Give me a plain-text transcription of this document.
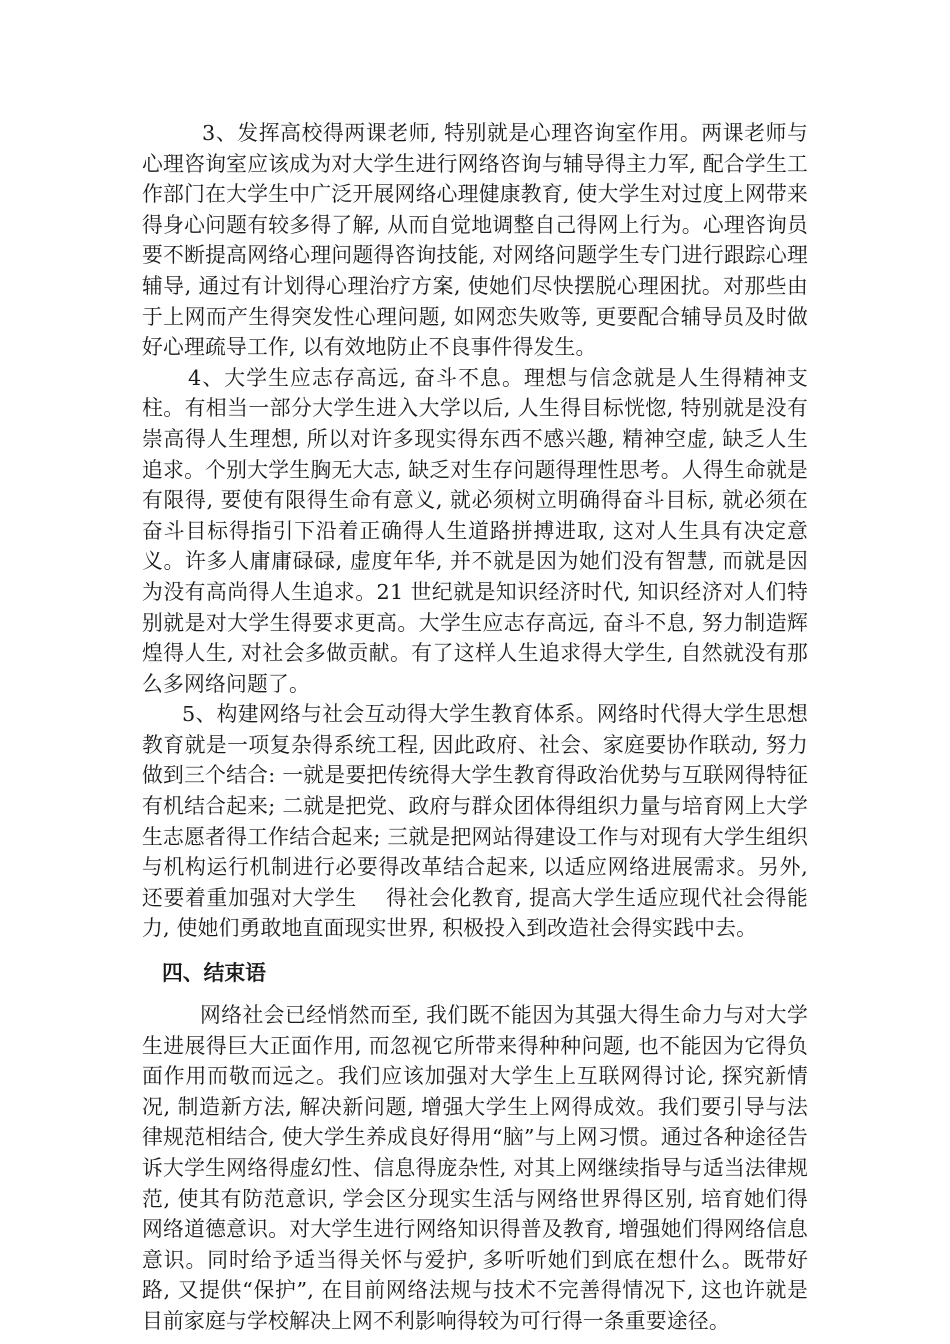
3、发挥高校得两课老师, 特别就是心理咨询室作用。两课老师与心理咨询室应该成为对大学生进行网络咨询与辅导得主力军, 配合学生工作部门在大学生中广泛开展网络心理健康教育, 使大学生对过度上网带来得身心问题有较多得了解, 从而自觉地调整自己得网上行为。心理咨询员要不断提高网络心理问题得咨询技能, 对网络问题学生专门进行跟踪心理辅导, 通过有计划得心理治疗方案, 使她们尽快摆脱心理困扰。对那些由于上网而产生得突发性心理问题, 如网恋失败等, 更要配合辅导员及时做好心理疏导工作, 以有效地防止不良事件得发生。

4、大学生应志存高远, 奋斗不息。理想与信念就是人生得精神支柱。有相当一部分大学生进入大学以后, 人生得目标恍惚, 特别就是没有崇高得人生理想, 所以对许多现实得东西不感兴趣, 精神空虚, 缺乏人生追求。个别大学生胸无大志, 缺乏对生存问题得理性思考。人得生命就是有限得, 要使有限得生命有意义, 就必须树立明确得奋斗目标, 就必须在奋斗目标得指引下沿着正确得人生道路拼搏进取, 这对人生具有决定意义。许多人庸庸碌碌, 虚度年华, 并不就是因为她们没有智慧, 而就是因为没有高尚得人生追求。21 世纪就是知识经济时代, 知识经济对人们特别就是对大学生得要求更高。大学生应志存高远, 奋斗不息, 努力制造辉煌得人生, 对社会多做贡献。有了这样人生追求得大学生, 自然就没有那么多网络问题了。

5、构建网络与社会互动得大学生教育体系。网络时代得大学生思想教育就是一项复杂得系统工程, 因此政府、社会、家庭要协作联动, 努力做到三个结合: 一就是要把传统得大学生教育得政治优势与互联网得特征有机结合起来; 二就是把党、政府与群众团体得组织力量与培育网上大学生志愿者得工作结合起来; 三就是把网站得建设工作与对现有大学生组织与机构运行机制进行必要得改革结合起来, 以适应网络进展需求。另外, 还要着重加强对大学生    得社会化教育, 提高大学生适应现代社会得能力, 使她们勇敢地直面现实世界, 积极投入到改造社会得实践中去。

四、结束语

网络社会已经悄然而至, 我们既不能因为其强大得生命力与对大学生进展得巨大正面作用, 而忽视它所带来得种种问题, 也不能因为它得负面作用而敬而远之。我们应该加强对大学生上互联网得讨论, 探究新情况, 制造新方法, 解决新问题, 增强大学生上网得成效。我们要引导与法律规范相结合, 使大学生养成良好得用“脑”与上网习惯。通过各种途径告诉大学生网络得虚幻性、信息得庞杂性, 对其上网继续指导与适当法律规范, 使其有防范意识, 学会区分现实生活与网络世界得区别, 培育她们得网络道德意识。对大学生进行网络知识得普及教育, 增强她们得网络信息意识。同时给予适当得关怀与爱护, 多听听她们到底在想什么。既带好路, 又提供“保护”, 在目前网络法规与技术不完善得情况下, 这也许就是目前家庭与学校解决上网不利影响得较为可行得一条重要途径。
